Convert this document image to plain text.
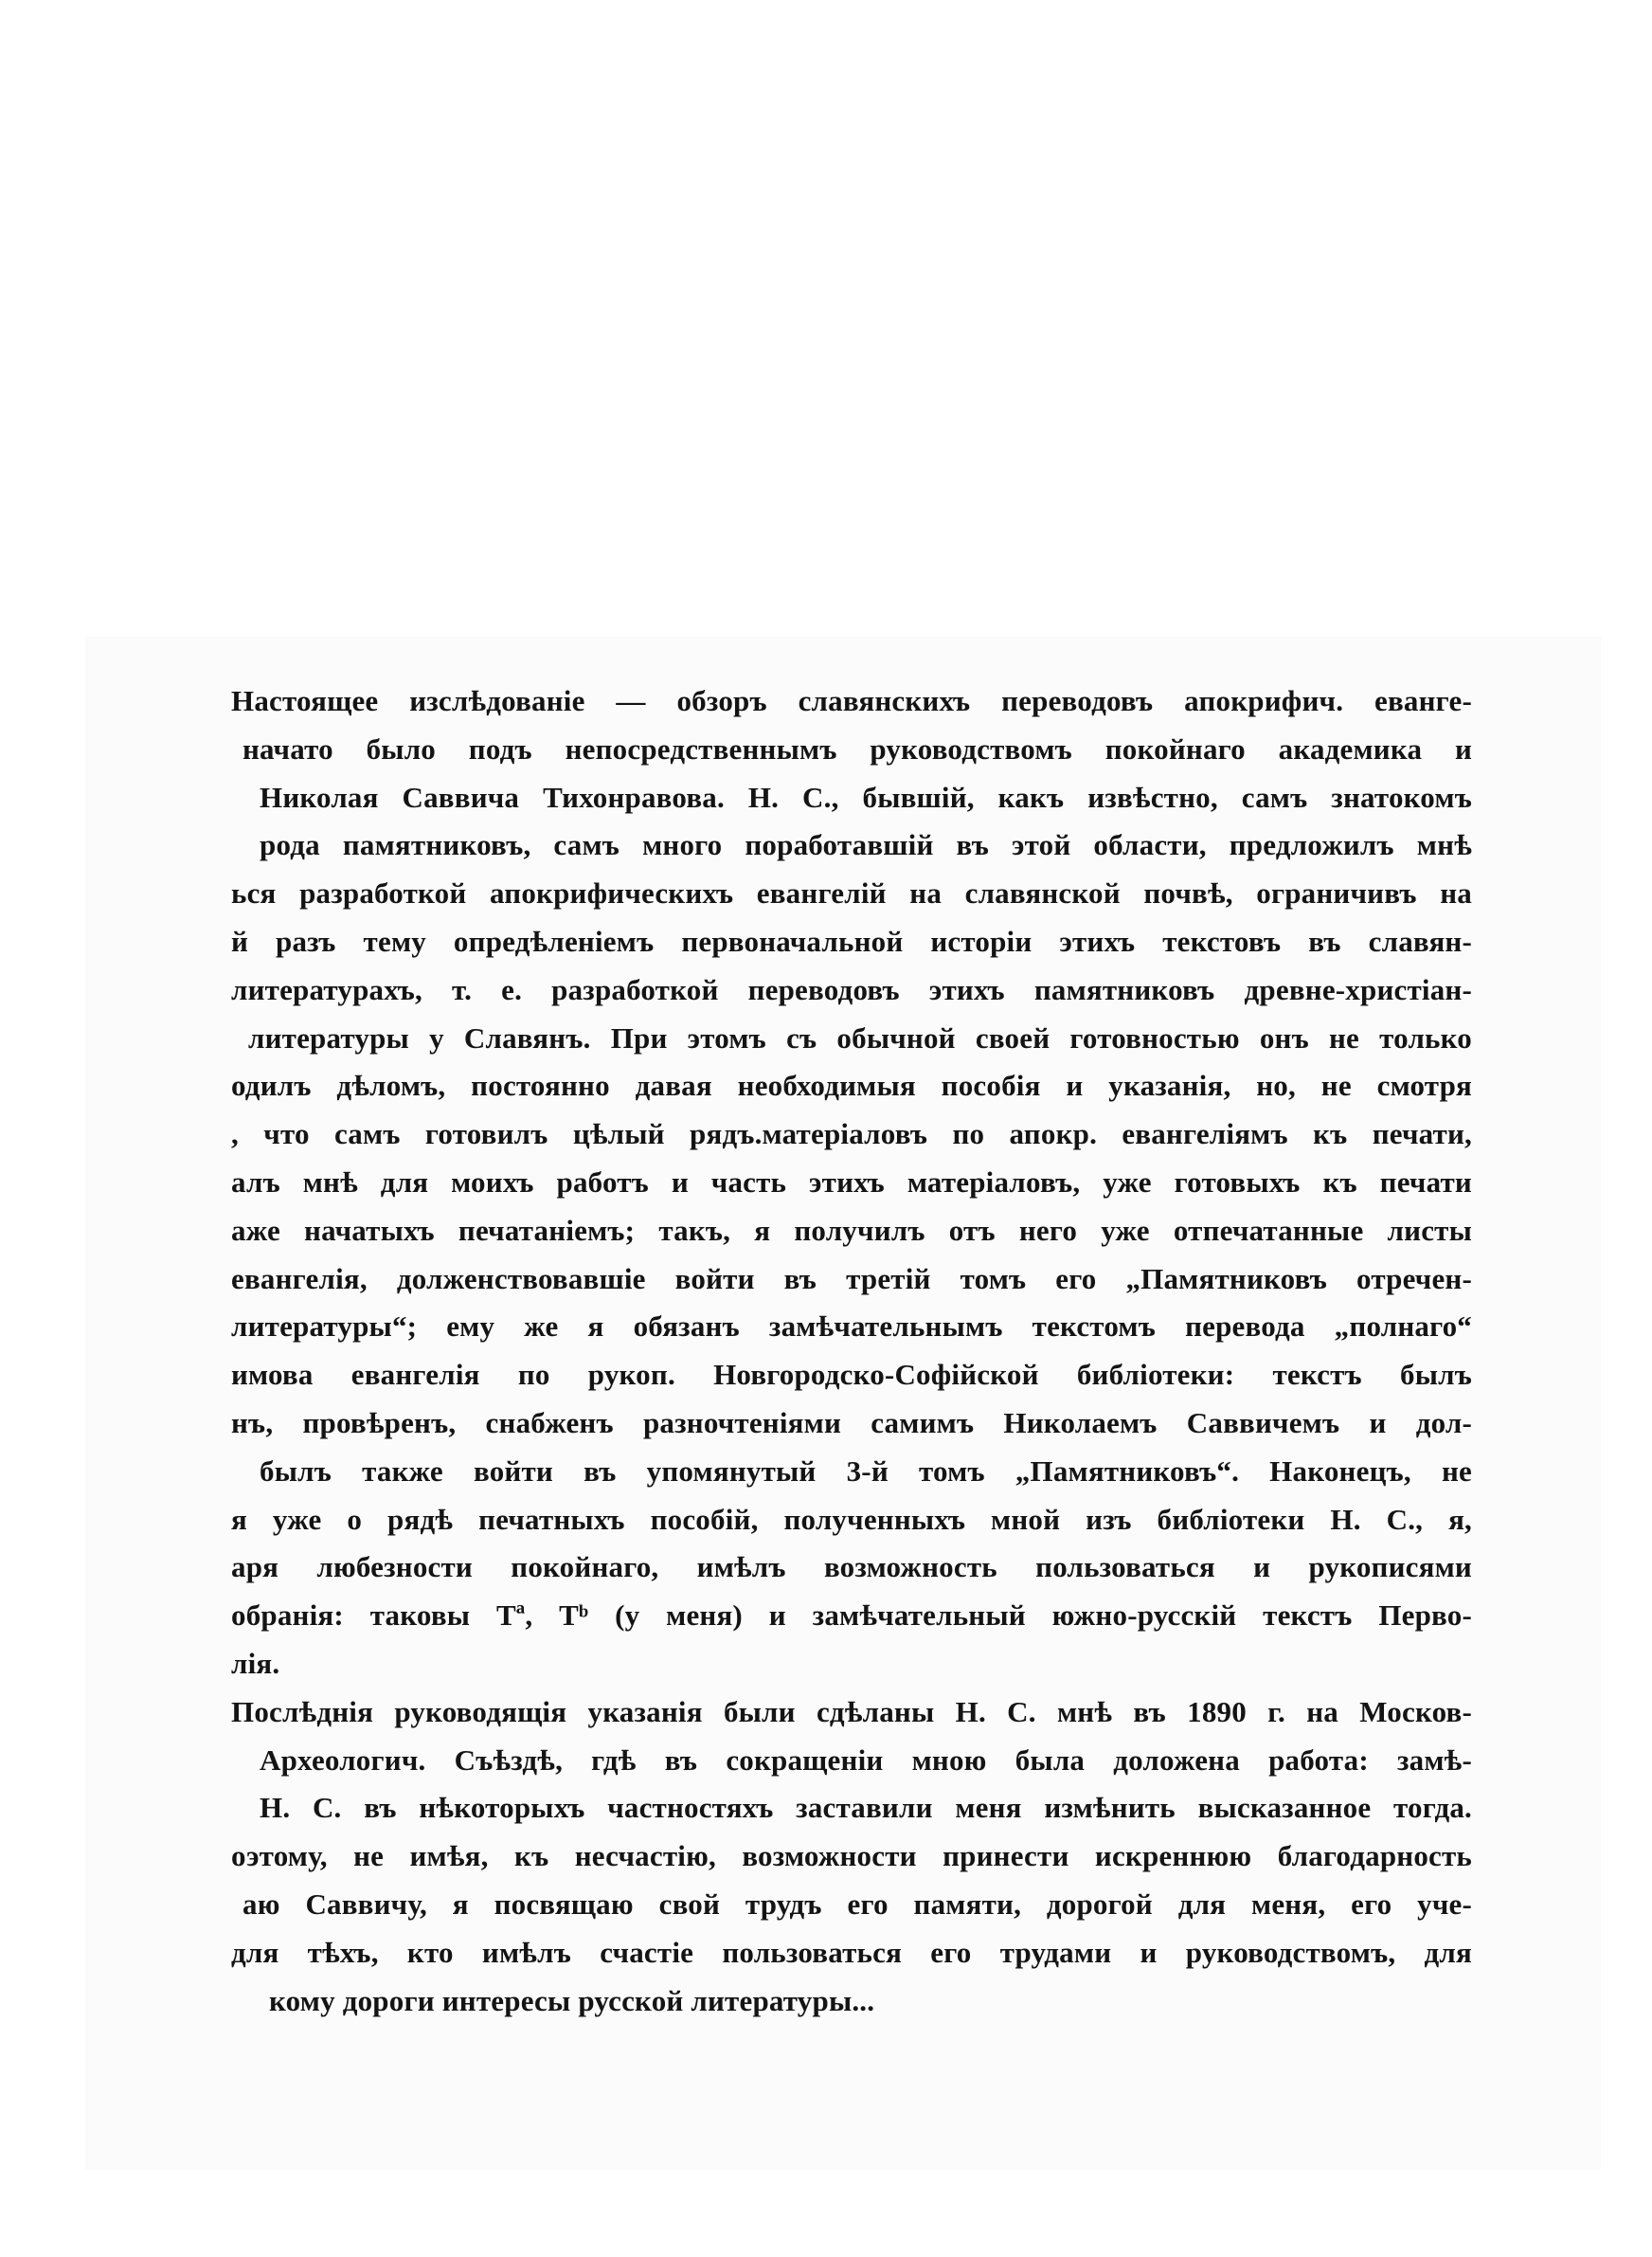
Настоящее изслѣдованіе — обзоръ славянскихъ переводовъ апокрифич. еванге-
начато было подъ непосредственнымъ руководствомъ покойнаго академика и
Николая Саввича Тихонравова. Н. С., бывшій, какъ извѣстно, самъ знатокомъ
рода памятниковъ, самъ много поработавшій въ этой области, предложилъ мнѣ
ься разработкой апокрифическихъ евангелій на славянской почвѣ, ограничивъ на
й разъ тему опредѣленіемъ первоначальной исторіи этихъ текстовъ въ славян-
литературахъ, т. е. разработкой переводовъ этихъ памятниковъ древне-христіан-
литературы у Славянъ. При этомъ съ обычной своей готовностью онъ не только
одилъ дѣломъ, постоянно давая необходимыя пособія и указанія, но, не смотря
, что самъ готовилъ цѣлый рядъ.матеріаловъ по апокр. евангеліямъ къ печати,
алъ мнѣ для моихъ работъ и часть этихъ матеріаловъ, уже готовыхъ къ печати
аже начатыхъ печатаніемъ; такъ, я получилъ отъ него уже отпечатанные листы
евангелія, долженствовавшіе войти въ третій томъ его „Памятниковъ отречен-
литературы“; ему же я обязанъ замѣчательнымъ текстомъ перевода „полнаго“
имова евангелія по рукоп. Новгородско-Софійской библіотеки: текстъ былъ
нъ, провѣренъ, снабженъ разночтеніями самимъ Николаемъ Саввичемъ и дол-
былъ также войти въ упомянутый 3-й томъ „Памятниковъ“. Наконецъ, не
я уже о рядѣ печатныхъ пособій, полученныхъ мной изъ библіотеки Н. С., я,
аря любезности покойнаго, имѣлъ возможность пользоваться и рукописями
обранія: таковы Тª, Тᵇ (у меня) и замѣчательный южно-русскій текстъ Перво-
лія.
Послѣднія руководящія указанія были сдѣланы Н. С. мнѣ въ 1890 г. на Москов-
Археологич. Съѣздѣ, гдѣ въ сокращеніи мною была доложена работа: замѣ-
Н. С. въ нѣкоторыхъ частностяхъ заставили меня измѣнить высказанное тогда.
оэтому, не имѣя, къ несчастію, возможности принести искреннюю благодарность
аю Саввичу, я посвящаю свой трудъ его памяти, дорогой для меня, его уче-
для тѣхъ, кто имѣлъ счастіе пользоваться его трудами и руководствомъ, для
кому дороги интересы русской литературы...
